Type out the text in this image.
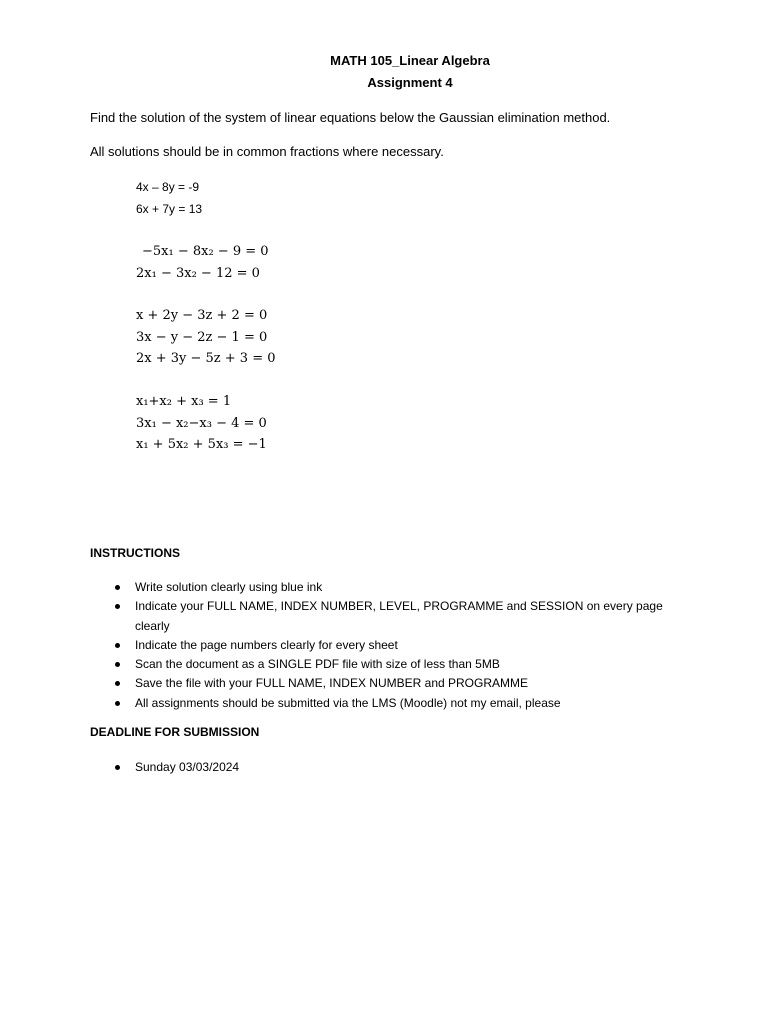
MATH 105_Linear Algebra
Assignment 4
Find the solution of the system of linear equations below the Gaussian elimination method.
All solutions should be in common fractions where necessary.
4x – 8y = -9
6x + 7y = 13
−5x₁ − 8x₂ − 9 = 0
2x₁ − 3x₂ − 12 = 0
x + 2y − 3z + 2 = 0
3x − y − 2z − 1 = 0
2x + 3y − 5z + 3 = 0
x₁+x₂ + x₃ = 1
3x₁ − x₂−x₃ − 4 = 0
x₁ + 5x₂ + 5x₃ = −1
INSTRUCTIONS
Write solution clearly using blue ink
Indicate your FULL NAME, INDEX NUMBER, LEVEL, PROGRAMME and SESSION on every page clearly
Indicate the page numbers clearly for every sheet
Scan the document as a SINGLE PDF file with size of less than 5MB
Save the file with your FULL NAME, INDEX NUMBER and PROGRAMME
All assignments should be submitted via the LMS (Moodle) not my email, please
DEADLINE FOR SUBMISSION
Sunday 03/03/2024
